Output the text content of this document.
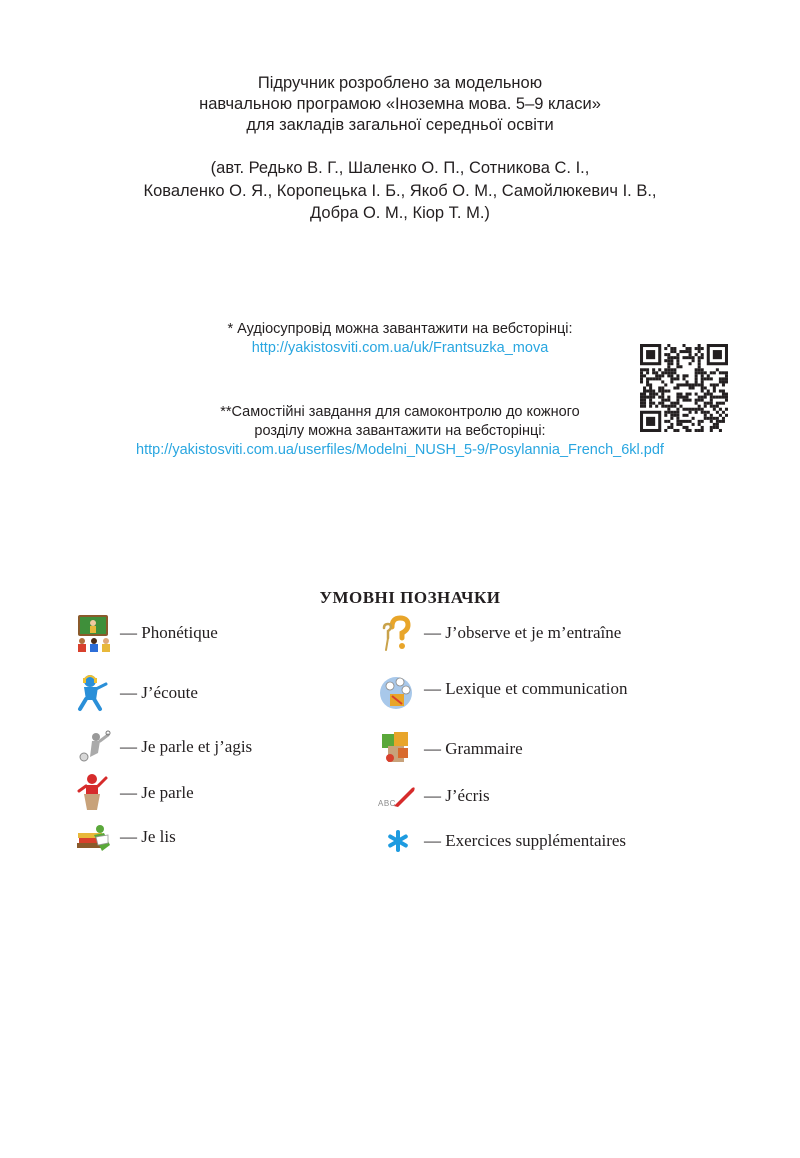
Підручник розроблено за модельною
навчальною програмою «Іноземна мова. 5–9 класи»
для закладів загальної середньої освіти
(авт. Редько В. Г., Шаленко О. П., Сотникова С. І.,
Коваленко О. Я., Коропецька І. Б., Якоб О. М., Самойлюкевич І. В.,
Добра О. М., Кіор Т. М.)
* Аудіосупровід можна завантажити на вебсторінці:
http://yakistosviti.com.ua/uk/Frantsuzka_mova
**Самостійні завдання для самоконтролю до кожного
розділу можна завантажити на вебсторінці:
http://yakistosviti.com.ua/userfiles/Modelni_NUSH_5-9/Posylannia_French_6kl.pdf
УМОВНІ ПОЗНАЧКИ
— Phonétique
— J’écoute
— Je parle et j’agis
— Je parle
— Je lis
— J’observe et je m’entraîne
— Lexique et communication
— Grammaire
ABC — J’écris
— Exercices supplémentaires
